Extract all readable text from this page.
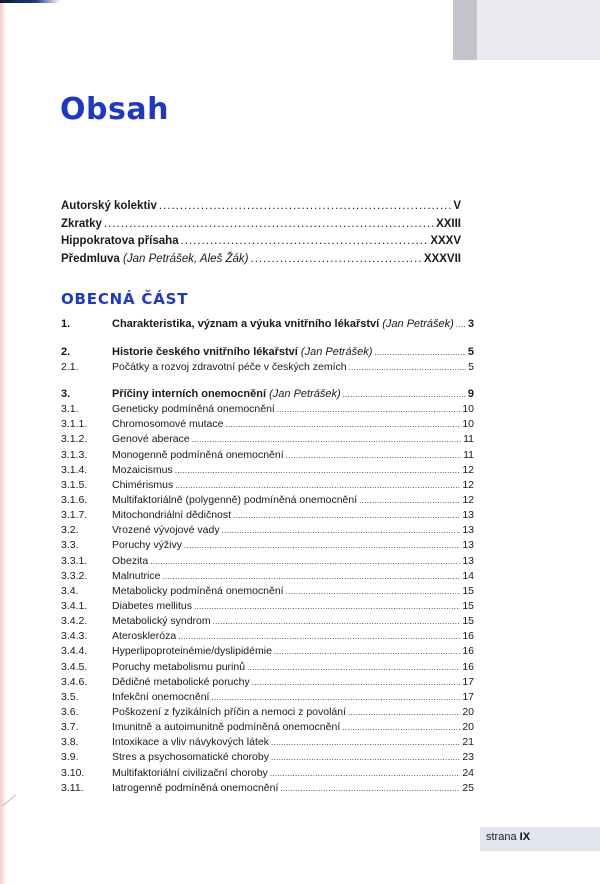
Obsah
Autorský kolektiv .....	V
Zkratky .....	XXIII
Hippokratova přísaha .....	XXXV
Předmluva (Jan Petrášek, Aleš Žák) .....	XXXVII
OBECNÁ ČÁST
1.	Charakteristika, význam a výuka vnitřního lékařství (Jan Petrášek) ..... 3
2.	Historie českého vnitřního lékařství (Jan Petrášek) .....	5
2.1.	Počátky a rozvoj zdravotní péče v českých zemích .....	5
3.	Příčiny interních onemocnění (Jan Petrášek) .....	9
3.1.	Geneticky podmíněná onemocnění .....	10
3.1.1.	Chromosomové mutace .....	10
3.1.2.	Genové aberace .....	11
3.1.3.	Monogenně podmíněná onemocnění .....	11
3.1.4.	Mozaicismus .....	12
3.1.5.	Chimérismus .....	12
3.1.6.	Multifaktoriálně (polygenně) podmíněná onemocnění .....	12
3.1.7.	Mitochondriální dědičnost .....	13
3.2.	Vrozené vývojové vady .....	13
3.3.	Poruchy výživy .....	13
3.3.1.	Obezita .....	13
3.3.2.	Malnutrice .....	14
3.4.	Metabolicky podmíněná onemocnění .....	15
3.4.1.	Diabetes mellitus .....	15
3.4.2.	Metabolický syndrom .....	15
3.4.3.	Ateroskleróza .....	16
3.4.4.	Hyperlipoproteinémie/dyslipidémie .....	16
3.4.5.	Poruchy metabolismu purinů .....	16
3.4.6.	Dědičné metabolické poruchy .....	17
3.5.	Infekční onemocnění .....	17
3.6.	Poškození z fyzikálních příčin a nemoci z povolání .....	20
3.7.	Imunitně a autoimunitně podmíněná onemocnění .....	20
3.8.	Intoxikace a vliv návykových látek .....	21
3.9.	Stres a psychosomatické choroby .....	23
3.10.	Multifaktoriální civilizační choroby .....	24
3.11.	Iatrogenně podmíněná onemocnění .....	25
strana IX
